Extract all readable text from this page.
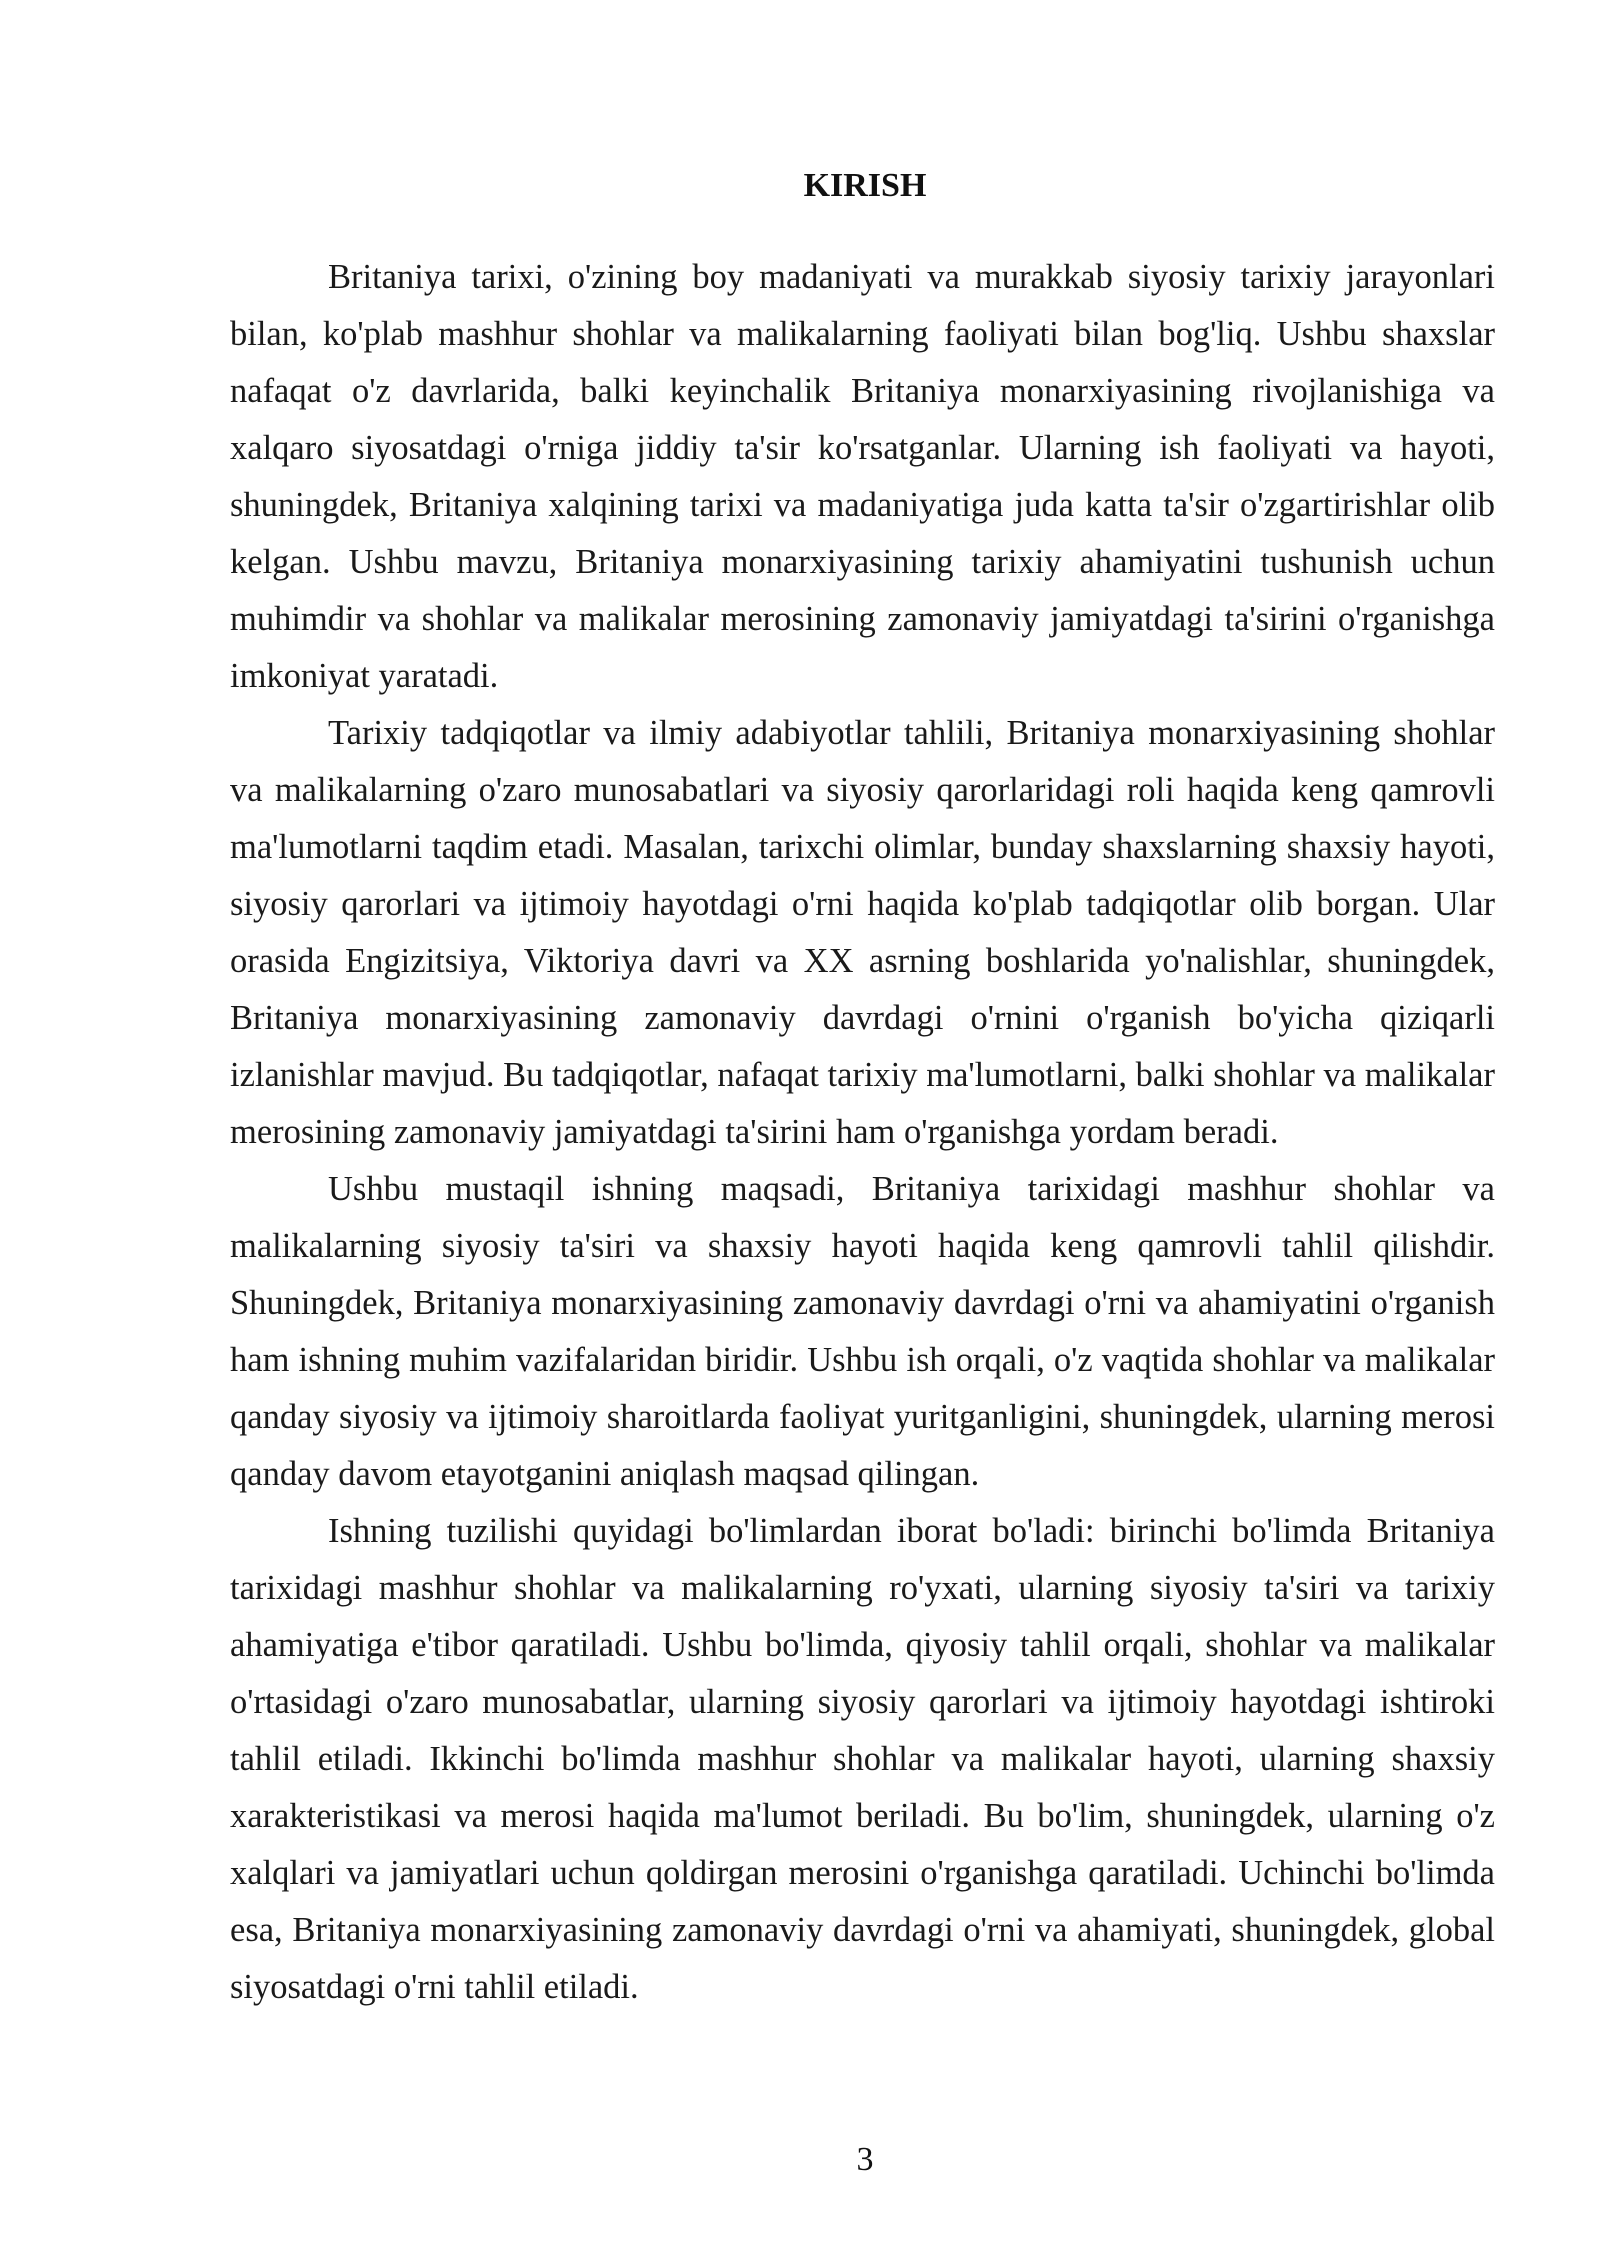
KIRISH

Britaniya tarixi, o'zining boy madaniyati va murakkab siyosiy tarixiy jarayonlari bilan, ko'plab mashhur shohlar va malikalarning faoliyati bilan bog'liq. Ushbu shaxslar nafaqat o'z davrlarida, balki keyinchalik Britaniya monarxiyasining rivojlanishiga va xalqaro siyosatdagi o'rniga jiddiy ta'sir ko'rsatganlar. Ularning ish faoliyati va hayoti, shuningdek, Britaniya xalqining tarixi va madaniyatiga juda katta ta'sir o'zgartirishlar olib kelgan. Ushbu mavzu, Britaniya monarxiyasining tarixiy ahamiyatini tushunish uchun muhimdir va shohlar va malikalar merosining zamonaviy jamiyatdagi ta'sirini o'rganishga imkoniyat yaratadi.

Tarixiy tadqiqotlar va ilmiy adabiyotlar tahlili, Britaniya monarxiyasining shohlar va malikalarning o'zaro munosabatlari va siyosiy qarorlaridagi roli haqida keng qamrovli ma'lumotlarni taqdim etadi. Masalan, tarixchi olimlar, bunday shaxslarning shaxsiy hayoti, siyosiy qarorlari va ijtimoiy hayotdagi o'rni haqida ko'plab tadqiqotlar olib borgan. Ular orasida Engizitsiya, Viktoriya davri va XX asrning boshlarida yo'nalishlar, shuningdek, Britaniya monarxiyasining zamonaviy davrdagi o'rnini o'rganish bo'yicha qiziqarli izlanishlar mavjud. Bu tadqiqotlar, nafaqat tarixiy ma'lumotlarni, balki shohlar va malikalar merosining zamonaviy jamiyatdagi ta'sirini ham o'rganishga yordam beradi.

Ushbu mustaqil ishning maqsadi, Britaniya tarixidagi mashhur shohlar va malikalarning siyosiy ta'siri va shaxsiy hayoti haqida keng qamrovli tahlil qilishdir. Shuningdek, Britaniya monarxiyasining zamonaviy davrdagi o'rni va ahamiyatini o'rganish ham ishning muhim vazifalaridan biridir. Ushbu ish orqali, o'z vaqtida shohlar va malikalar qanday siyosiy va ijtimoiy sharoitlarda faoliyat yuritganligini, shuningdek, ularning merosi qanday davom etayotganini aniqlash maqsad qilingan.

Ishning tuzilishi quyidagi bo'limlardan iborat bo'ladi: birinchi bo'limda Britaniya tarixidagi mashhur shohlar va malikalarning ro'yxati, ularning siyosiy ta'siri va tarixiy ahamiyatiga e'tibor qaratiladi. Ushbu bo'limda, qiyosiy tahlil orqali, shohlar va malikalar o'rtasidagi o'zaro munosabatlar, ularning siyosiy qarorlari va ijtimoiy hayotdagi ishtiroki tahlil etiladi. Ikkinchi bo'limda mashhur shohlar va malikalar hayoti, ularning shaxsiy xarakteristikasi va merosi haqida ma'lumot beriladi. Bu bo'lim, shuningdek, ularning o'z xalqlari va jamiyatlari uchun qoldirgan merosini o'rganishga qaratiladi. Uchinchi bo'limda esa, Britaniya monarxiyasining zamonaviy davrdagi o'rni va ahamiyati, shuningdek, global siyosatdagi o'rni tahlil etiladi.

3
